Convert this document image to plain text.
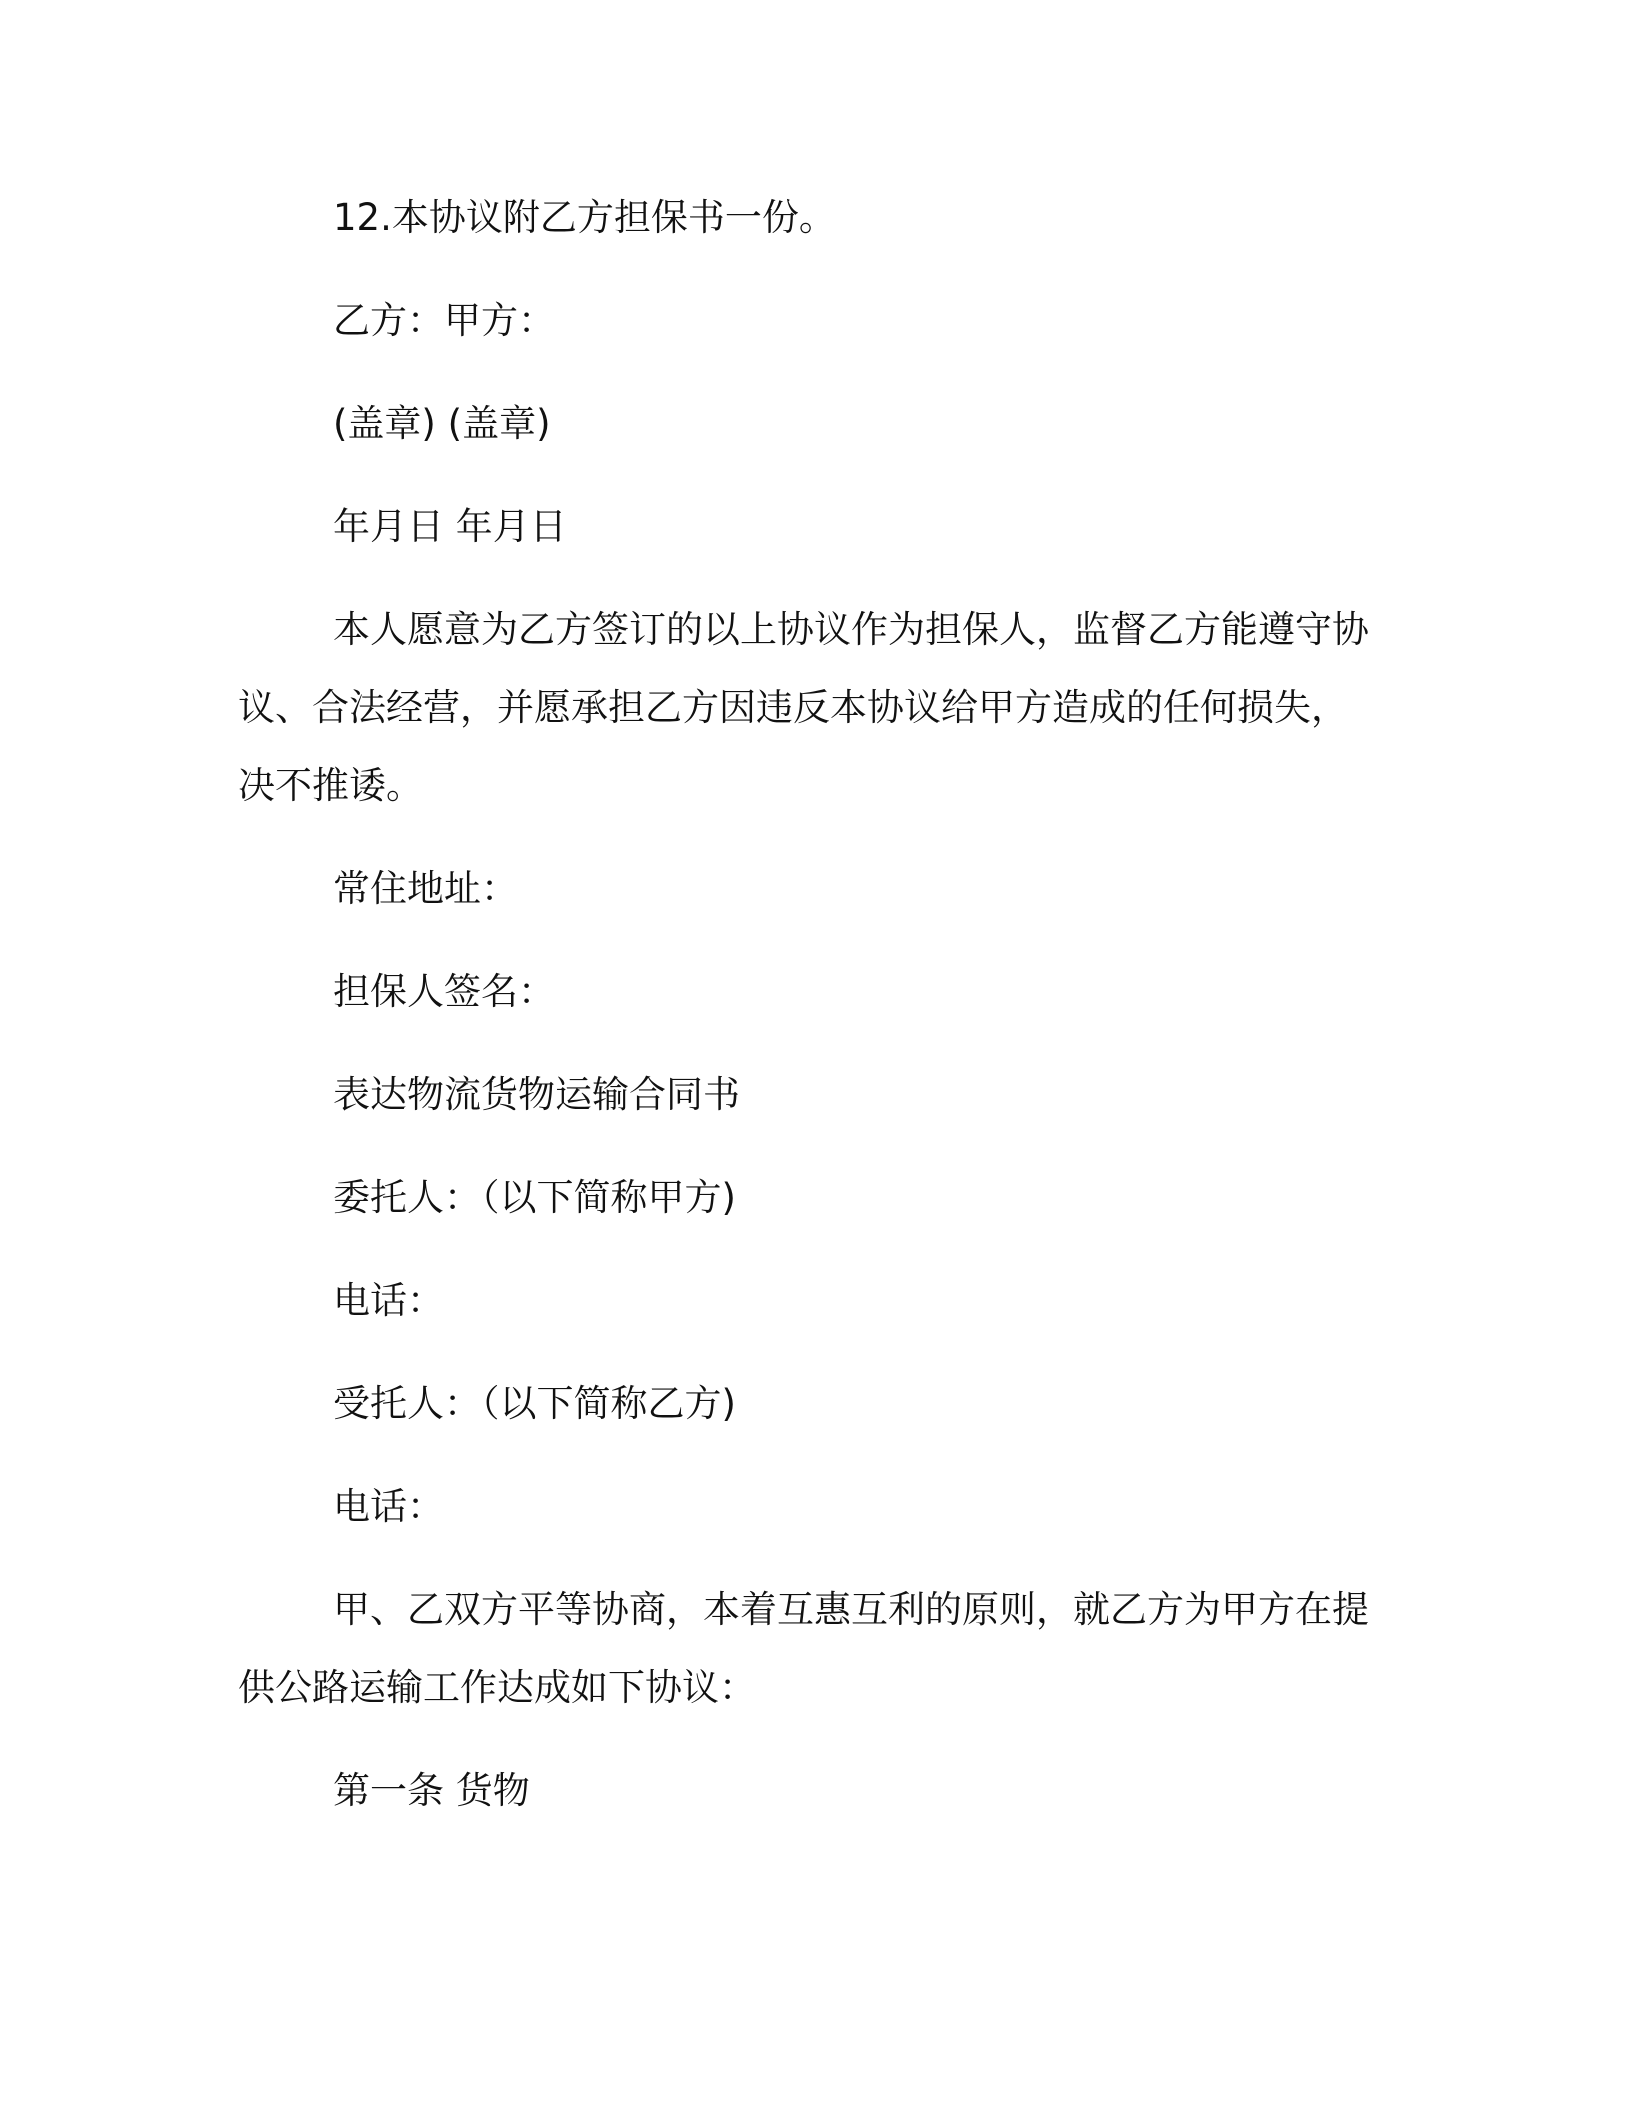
12.本协议附乙方担保书一份。
乙方：甲方：
(盖章) (盖章)
年月日 年月日
本人愿意为乙方签订的以上协议作为担保人，监督乙方能遵守协
议、合法经营，并愿承担乙方因违反本协议给甲方造成的任何损失，
决不推诿。
常住地址：
担保人签名：
表达物流货物运输合同书
委托人：（以下简称甲方)
电话：
受托人：（以下简称乙方)
电话：
甲、乙双方平等协商，本着互惠互利的原则，就乙方为甲方在提
供公路运输工作达成如下协议：
第一条 货物
